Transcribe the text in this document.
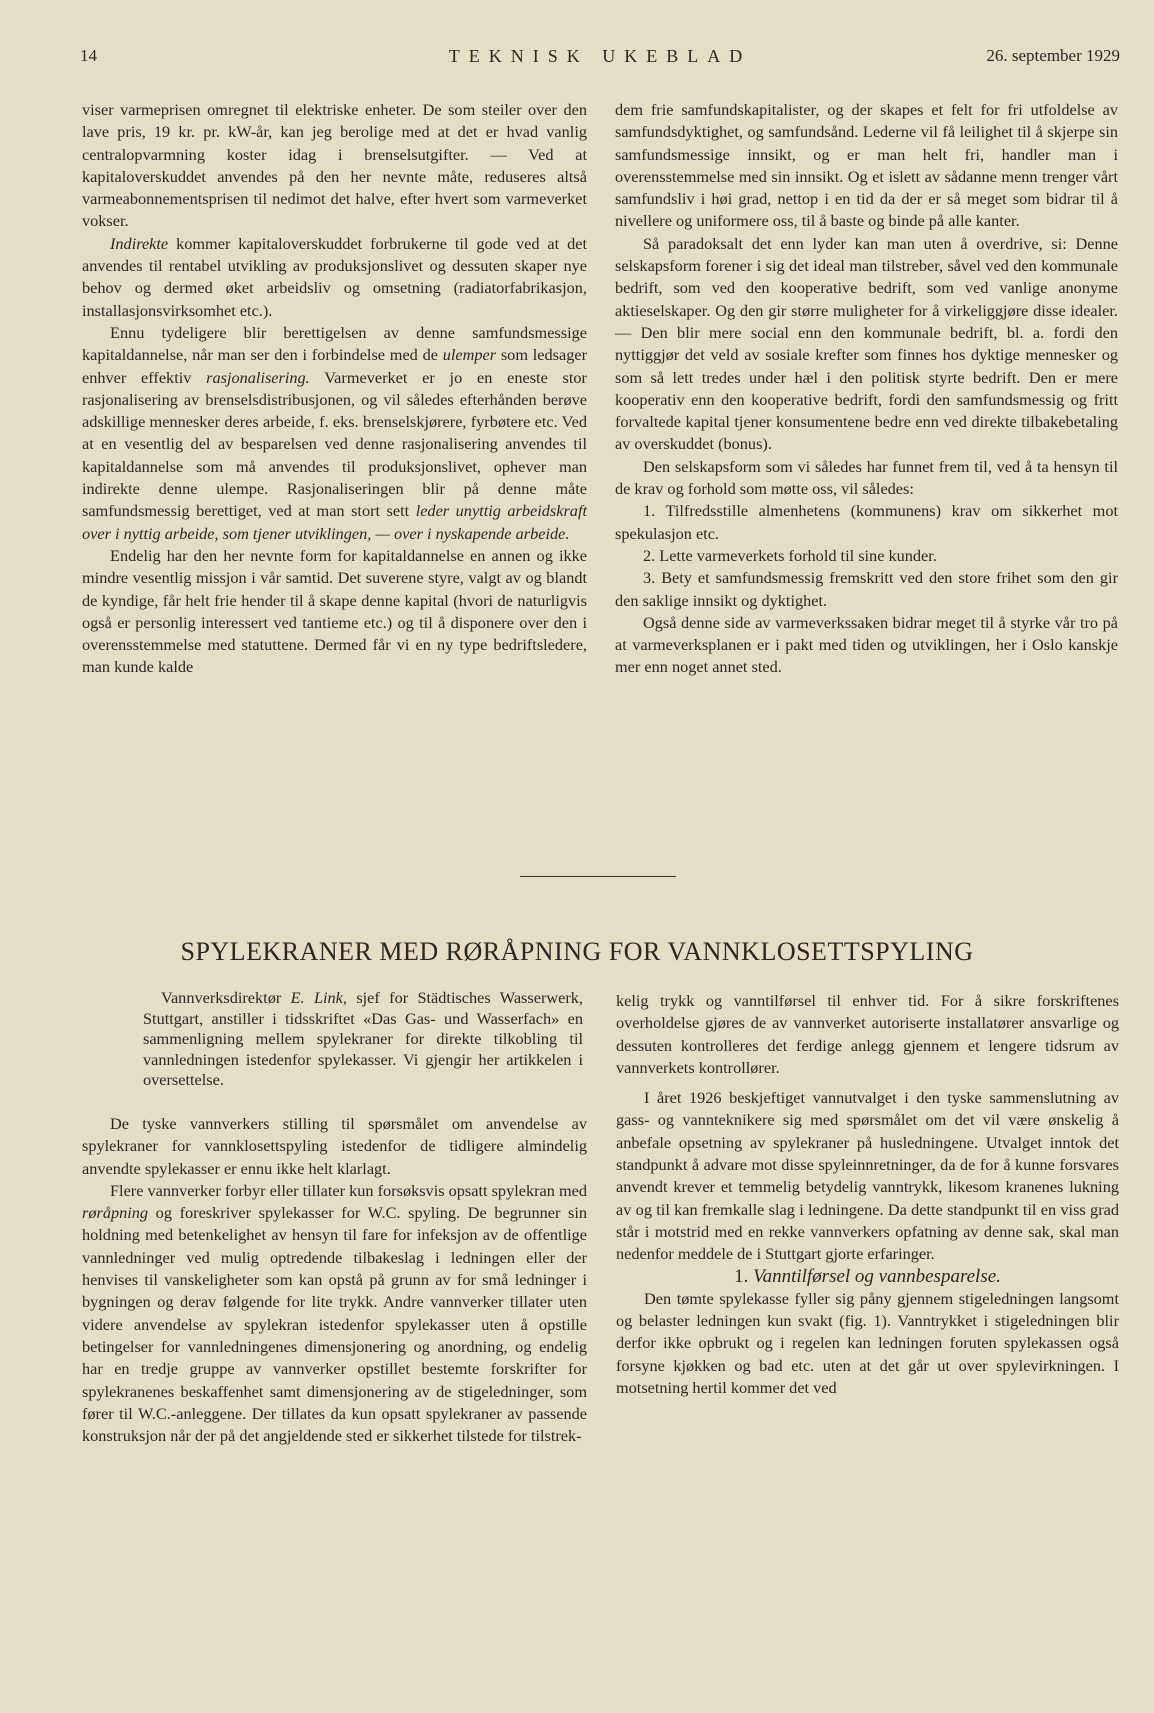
14	TEKNISK UKEBLAD	26. september 1929

viser varmeprisen omregnet til elektriske enheter. De som steiler over den lave pris, 19 kr. pr. kW-år, kan jeg berolige med at det er hvad vanlig centralopvarmning koster idag i brenselsutgifter. — Ved at kapitaloverskuddet anvendes på den her nevnte måte, reduseres altså varmeabonnementsprisen til nedimot det halve, efter hvert som varmeverket vokser.

Indirekte kommer kapitaloverskuddet forbrukerne til gode ved at det anvendes til rentabel utvikling av produksjonslivet og dessuten skaper nye behov og dermed øket arbeidsliv og omsetning (radiatorfabrikasjon, installasjonsvirksomhet etc.).

Ennu tydeligere blir berettigelsen av denne samfundsmessige kapitaldannelse, når man ser den i forbindelse med de ulemper som ledsager enhver effektiv rasjonalisering. Varmeverket er jo en eneste stor rasjonalisering av brenselsdistribusjonen, og vil således efterhånden berøve adskillige mennesker deres arbeide, f. eks. brenselskjørere, fyrbøtere etc. Ved at en vesentlig del av besparelsen ved denne rasjonalisering anvendes til kapitaldannelse som må anvendes til produksjonslivet, ophever man indirekte denne ulempe. Rasjonaliseringen blir på denne måte samfundsmessig berettiget, ved at man stort sett leder unyttig arbeidskraft over i nyttig arbeide, som tjener utviklingen, — over i nyskapende arbeide.

Endelig har den her nevnte form for kapitaldannelse en annen og ikke mindre vesentlig missjon i vår samtid. Det suverene styre, valgt av og blandt de kyndige, får helt frie hender til å skape denne kapital (hvori de naturligvis også er personlig interessert ved tantieme etc.) og til å disponere over den i overensstemmelse med statuttene. Dermed får vi en ny type bedriftsledere, man kunde kalde

dem frie samfundskapitalister, og der skapes et felt for fri utfoldelse av samfundsdyktighet, og samfundsånd. Lederne vil få leilighet til å skjerpe sin samfundsmessige innsikt, og er man helt fri, handler man i overensstemmelse med sin innsikt. Og et islett av sådanne menn trenger vårt samfundsliv i høi grad, nettop i en tid da der er så meget som bidrar til å nivellere og uniformere oss, til å baste og binde på alle kanter.

Så paradoksalt det enn lyder kan man uten å overdrive, si: Denne selskapsform forener i sig det ideal man tilstreber, såvel ved den kommunale bedrift, som ved den kooperative bedrift, som ved vanlige anonyme aktieselskaper. Og den gir større muligheter for å virkeliggjøre disse idealer. — Den blir mere social enn den kommunale bedrift, bl. a. fordi den nyttiggjør det veld av sosiale krefter som finnes hos dyktige mennesker og som så lett tredes under hæl i den politisk styrte bedrift. Den er mere kooperativ enn den kooperative bedrift, fordi den samfundsmessig og fritt forvaltede kapital tjener konsumentene bedre enn ved direkte tilbakebetaling av overskuddet (bonus).

Den selskapsform som vi således har funnet frem til, ved å ta hensyn til de krav og forhold som møtte oss, vil således:

1. Tilfredsstille almenhetens (kommunens) krav om sikkerhet mot spekulasjon etc.

2. Lette varmeverkets forhold til sine kunder.

3. Bety et samfundsmessig fremskritt ved den store frihet som den gir den saklige innsikt og dyktighet.

Også denne side av varmeverkssaken bidrar meget til å styrke vår tro på at varmeverksplanen er i pakt med tiden og utviklingen, her i Oslo kanskje mer enn noget annet sted.

SPYLEKRANER MED RØRÅPNING FOR VANNKLOSETTSPYLING

Vannverksdirektør E. Link, sjef for Städtisches Wasserwerk, Stuttgart, anstiller i tidsskriftet «Das Gas- und Wasserfach» en sammenligning mellem spylekraner for direkte tilkobling til vannledningen istedenfor spylekasser. Vi gjengir her artikkelen i oversettelse.

De tyske vannverkers stilling til spørsmålet om anvendelse av spylekraner for vannklosettspyling istedenfor de tidligere almindelig anvendte spylekasser er ennu ikke helt klarlagt.

Flere vannverker forbyr eller tillater kun forsøksvis opsatt spylekran med røråpning og foreskriver spylekasser for W.C. spyling. De begrunner sin holdning med betenkelighet av hensyn til fare for infeksjon av de offentlige vannledninger ved mulig optredende tilbakeslag i ledningen eller der henvises til vanskeligheter som kan opstå på grunn av for små ledninger i bygningen og derav følgende for lite trykk. Andre vannverker tillater uten videre anvendelse av spylekran istedenfor spylekasser uten å opstille betingelser for vannledningenes dimensjonering og anordning, og endelig har en tredje gruppe av vannverker opstillet bestemte forskrifter for spylekranenes beskaffenhet samt dimensjonering av de stigeledninger, som fører til W.C.-anleggene. Der tillates da kun opsatt spylekraner av passende konstruksjon når der på det angjeldende sted er sikkerhet tilstede for tilstrek-

kelig trykk og vanntilførsel til enhver tid. For å sikre forskriftenes overholdelse gjøres de av vannverket autoriserte installatører ansvarlige og dessuten kontrolleres det ferdige anlegg gjennem et lengere tidsrum av vannverkets kontrollører.

I året 1926 beskjeftiget vannutvalget i den tyske sammenslutning av gass- og vannteknikere sig med spørsmålet om det vil være ønskelig å anbefale opsetning av spylekraner på husledningene. Utvalget inntok det standpunkt å advare mot disse spyleinnretninger, da de for å kunne forsvares anvendt krever et temmelig betydelig vanntrykk, likesom kranenes lukning av og til kan fremkalle slag i ledningene. Da dette standpunkt til en viss grad står i motstrid med en rekke vannverkers opfatning av denne sak, skal man nedenfor meddele de i Stuttgart gjorte erfaringer.

1. Vanntilførsel og vannbesparelse.

Den tømte spylekasse fyller sig påny gjennem stigeledningen langsomt og belaster ledningen kun svakt (fig. 1). Vanntrykket i stigeledningen blir derfor ikke opbrukt og i regelen kan ledningen foruten spylekassen også forsyne kjøkken og bad etc. uten at det går ut over spylevirkningen. I motsetning hertil kommer det ved
